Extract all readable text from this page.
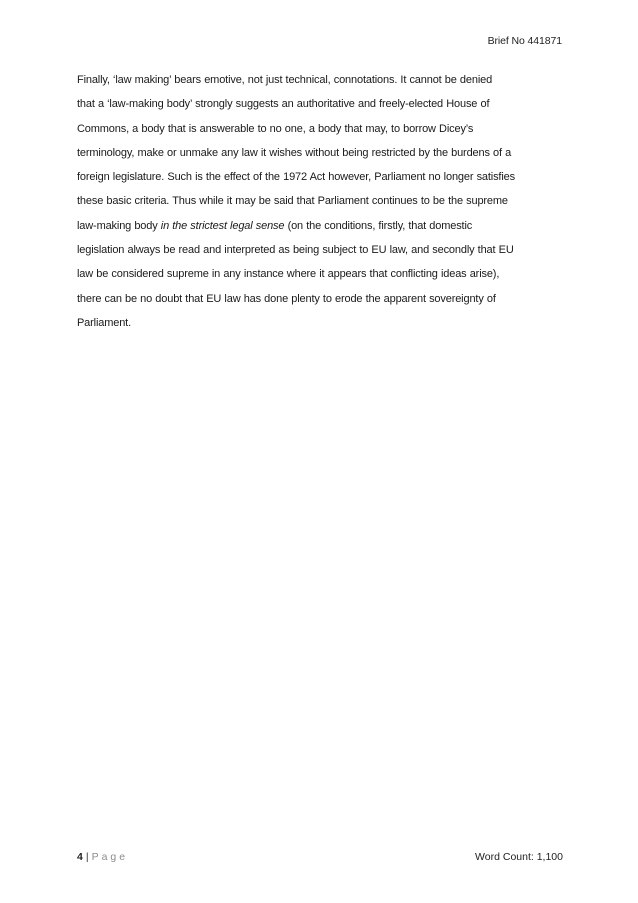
Brief No 441871
Finally, ‘law making’ bears emotive, not just technical, connotations. It cannot be denied
that a ‘law-making body’ strongly suggests an authoritative and freely-elected House of
Commons, a body that is answerable to no one, a body that may, to borrow Dicey’s
terminology, make or unmake any law it wishes without being restricted by the burdens of a
foreign legislature. Such is the effect of the 1972 Act however, Parliament no longer satisfies
these basic criteria. Thus while it may be said that Parliament continues to be the supreme
law-making body in the strictest legal sense (on the conditions, firstly, that domestic
legislation always be read and interpreted as being subject to EU law, and secondly that EU
law be considered supreme in any instance where it appears that conflicting ideas arise),
there can be no doubt that EU law has done plenty to erode the apparent sovereignty of
Parliament.
4 | Page	Word Count: 1,100
